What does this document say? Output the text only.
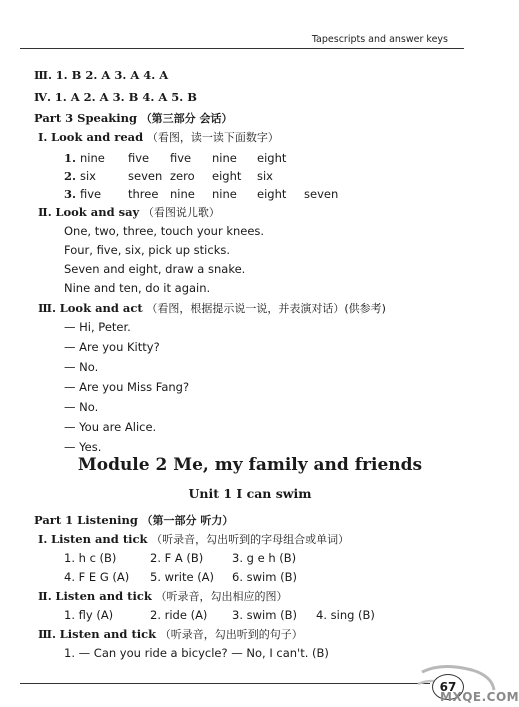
Tapescripts and answer keys
Ⅲ. 1. B 2. A 3. A 4. A
Ⅳ. 1. A 2. A 3. B 4. A 5. B
Part 3 Speaking （第三部分 会话）
Ⅰ. Look and read （看图，读一读下面数字）
1. nine five five nine eight
2. six	seven zero eight six
3. five three nine nine eight seven
Ⅱ. Look and say （看图说儿歌）
One, two, three, touch your knees.
Four, five, six, pick up sticks.
Seven and eight, draw a snake.
Nine and ten, do it again.
Ⅲ. Look and act （看图，根据提示说一说，并表演对话）(供参考)
— Hi, Peter.
— Are you Kitty?
— No.
— Are you Miss Fang?
— No.
— You are Alice.
— Yes.
Module 2 Me, my family and friends
Unit 1 I can swim
Part 1 Listening （第一部分 听力）
Ⅰ. Listen and tick （听录音，勾出听到的字母组合或单词）
1. h c (B)	2. F A (B) 3. g e h (B)
4. F E G (A) 5. write (A) 6. swim (B)
Ⅱ. Listen and tick （听录音，勾出相应的图）
1. fly (A)	2. ride (A) 3. swim (B) 4. sing (B)
Ⅲ. Listen and tick （听录音，勾出听到的句子）
1. — Can you ride a bicycle? — No, I can't. (B)
67
MXQE.COM
